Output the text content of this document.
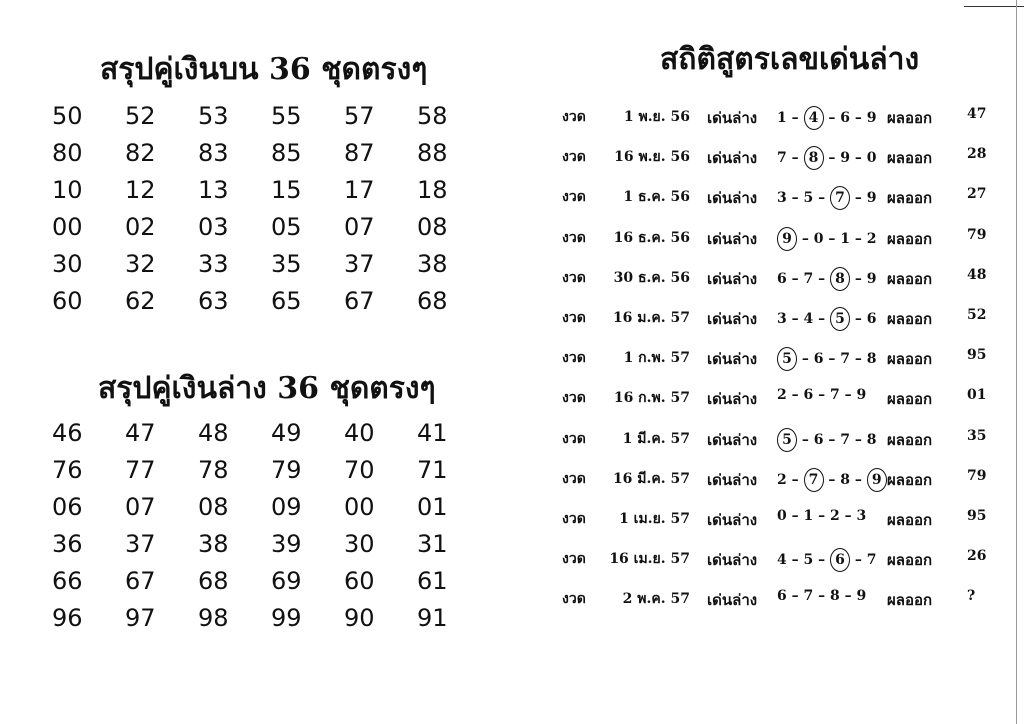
สรุปคู่เงินบน 36 ชุดตรงๆ
50	52	53	55	57	58
80	82	83	85	87	88
10	12	13	15	17	18
00	02	03	05	07	08
30	32	33	35	37	38
60	62	63	65	67	68
สรุปคู่เงินล่าง 36 ชุดตรงๆ
46	47	48	49	40	41
76	77	78	79	70	71
06	07	08	09	00	01
36	37	38	39	30	31
66	67	68	69	60	61
96	97	98	99	90	91
สถิติสูตรเลขเด่นล่าง
งวด	1 พ.ย. 56 เด่นล่าง 1 – 4 – 6 – 9 ผลออก 47
งวด	16 พ.ย. 56 เด่นล่าง 7 – 8 – 9 – 0 ผลออก 28
งวด	1 ธ.ค. 56 เด่นล่าง 3 – 5 – 7 – 9 ผลออก 27
งวด	16 ธ.ค. 56 เด่นล่าง	9 – 0 – 1 – 2 ผลออก 79
งวด	30 ธ.ค. 56 เด่นล่าง 6 – 7 – 8 – 9 ผลออก 48
งวด	16 ม.ค. 57 เด่นล่าง 3 – 4 – 5 – 6 ผลออก 52
งวด	1 ก.พ. 57 เด่นล่าง	5 – 6 – 7 – 8 ผลออก 95
งวด	16 ก.พ. 57 เด่นล่าง 2 – 6 – 7 – 9	ผลออก 01
งวด	1 มี.ค. 57 เด่นล่าง	5 – 6 – 7 – 8 ผลออก 35
งวด	16 มี.ค. 57 เด่นล่าง 2 – 7 – 8 – 9 ผลออก 79
งวด	1 เม.ย. 57 เด่นล่าง 0 – 1 – 2 – 3	ผลออก 95
งวด	16 เม.ย. 57 เด่นล่าง 4 – 5 – 6 – 7 ผลออก 26
งวด	2 พ.ค. 57 เด่นล่าง 6 – 7 – 8 – 9	ผลออก ?
